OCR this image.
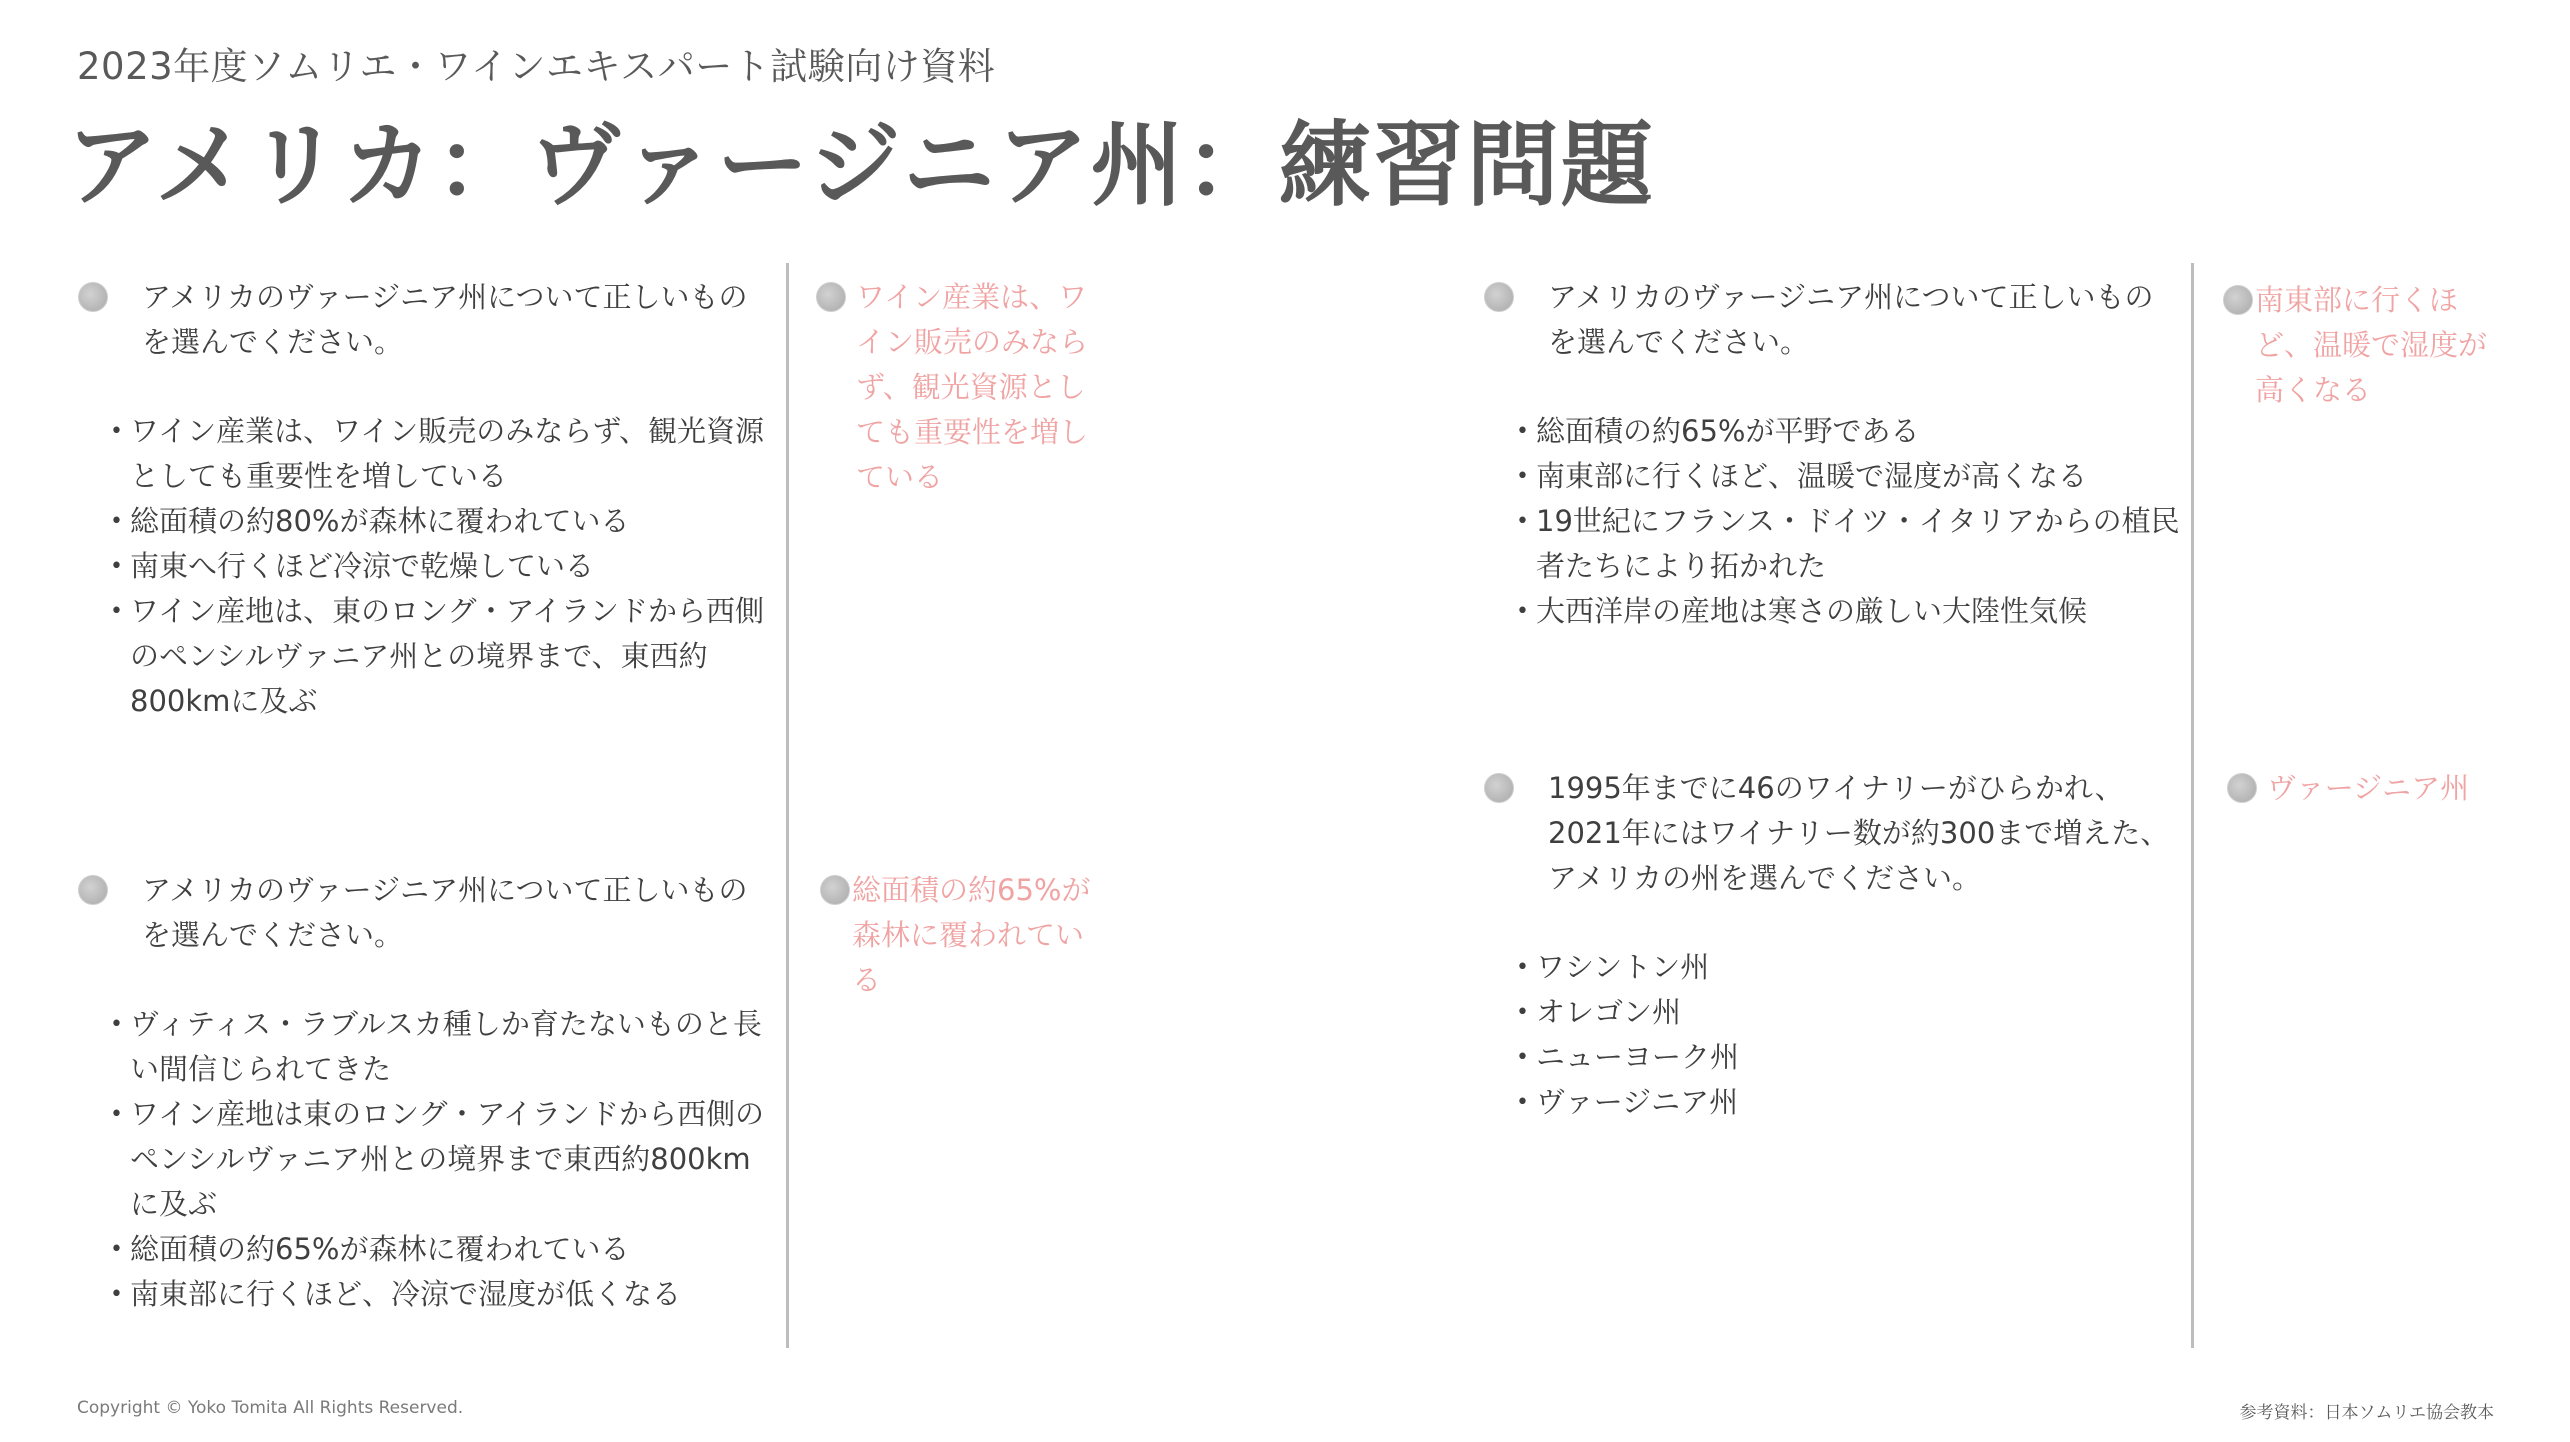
2023年度ソムリエ・ワインエキスパート試験向け資料
アメリカ：ヴァージニア州：練習問題
アメリカのヴァージニア州について正しいものを選んでください。
• ワイン産業は、ワイン販売のみならず、観光資源としても重要性を増している
• 総面積の約80%が森林に覆われている
• 南東へ行くほど冷涼で乾燥している
• ワイン産地は、東のロング・アイランドから西側のペンシルヴァニア州との境界まで、東西約800kmに及ぶ
ワイン産業は、ワイン販売のみならず、観光資源としても重要性を増している
アメリカのヴァージニア州について正しいものを選んでください。
• ヴィティス・ラブルスカ種しか育たないものと長い間信じられてきた
• ワイン産地は東のロング・アイランドから西側のペンシルヴァニア州との境界まで東西約800kmに及ぶ
• 総面積の約65%が森林に覆われている
• 南東部に行くほど、冷涼で湿度が低くなる
総面積の約65%が森林に覆われている
アメリカのヴァージニア州について正しいものを選んでください。
• 総面積の約65%が平野である
• 南東部に行くほど、温暖で湿度が高くなる
• 19世紀にフランス・ドイツ・イタリアからの植民者たちにより拓かれた
• 大西洋岸の産地は寒さの厳しい大陸性気候
南東部に行くほど、温暖で湿度が高くなる
1995年までに46のワイナリーがひらかれ、2021年にはワイナリー数が約300まで増えた、アメリカの州を選んでください。
• ワシントン州
• オレゴン州
• ニューヨーク州
• ヴァージニア州
ヴァージニア州
Copyright © Yoko Tomita All Rights Reserved.	参考資料：日本ソムリエ協会教本
